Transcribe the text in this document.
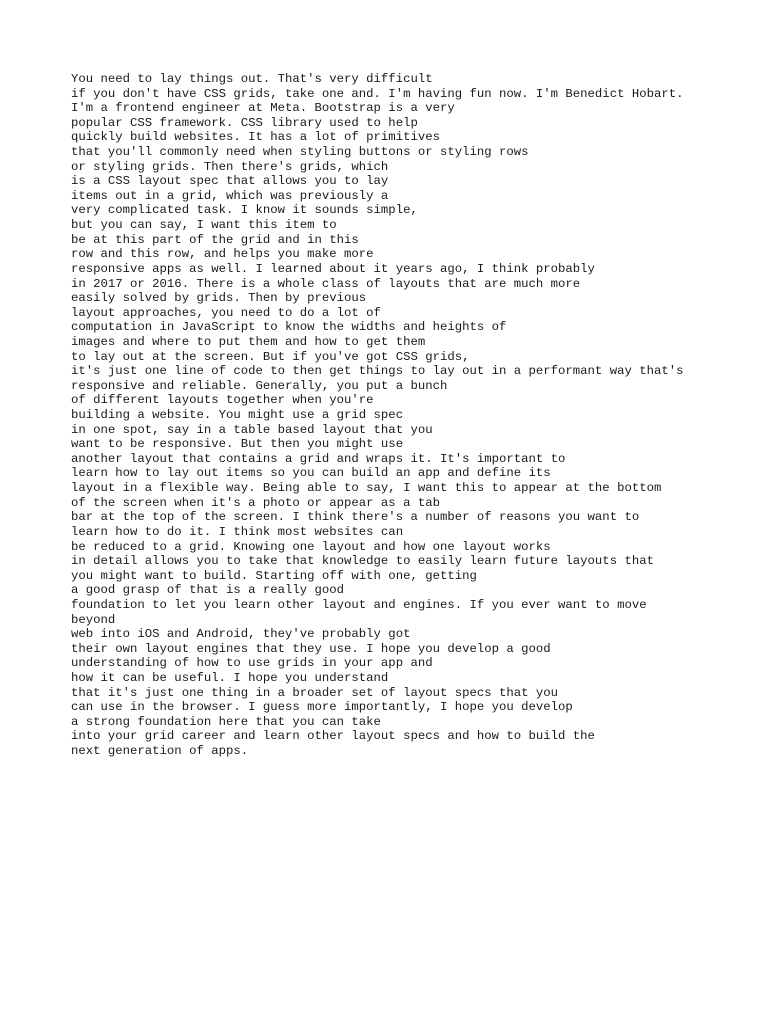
You need to lay things out. That's very difficult
if you don't have CSS grids, take one and. I'm having fun now. I'm Benedict Hobart.
I'm a frontend engineer at Meta. Bootstrap is a very
popular CSS framework. CSS library used to help
quickly build websites. It has a lot of primitives
that you'll commonly need when styling buttons or styling rows
or styling grids. Then there's grids, which
is a CSS layout spec that allows you to lay
items out in a grid, which was previously a
very complicated task. I know it sounds simple,
but you can say, I want this item to
be at this part of the grid and in this
row and this row, and helps you make more
responsive apps as well. I learned about it years ago, I think probably
in 2017 or 2016. There is a whole class of layouts that are much more
easily solved by grids. Then by previous
layout approaches, you need to do a lot of
computation in JavaScript to know the widths and heights of
images and where to put them and how to get them
to lay out at the screen. But if you've got CSS grids,
it's just one line of code to then get things to lay out in a performant way that's
responsive and reliable. Generally, you put a bunch
of different layouts together when you're
building a website. You might use a grid spec
in one spot, say in a table based layout that you
want to be responsive. But then you might use
another layout that contains a grid and wraps it. It's important to
learn how to lay out items so you can build an app and define its
layout in a flexible way. Being able to say, I want this to appear at the bottom
of the screen when it's a photo or appear as a tab
bar at the top of the screen. I think there's a number of reasons you want to
learn how to do it. I think most websites can
be reduced to a grid. Knowing one layout and how one layout works
in detail allows you to take that knowledge to easily learn future layouts that
you might want to build. Starting off with one, getting
a good grasp of that is a really good
foundation to let you learn other layout and engines. If you ever want to move
beyond
web into iOS and Android, they've probably got
their own layout engines that they use. I hope you develop a good
understanding of how to use grids in your app and
how it can be useful. I hope you understand
that it's just one thing in a broader set of layout specs that you
can use in the browser. I guess more importantly, I hope you develop
a strong foundation here that you can take
into your grid career and learn other layout specs and how to build the
next generation of apps.
